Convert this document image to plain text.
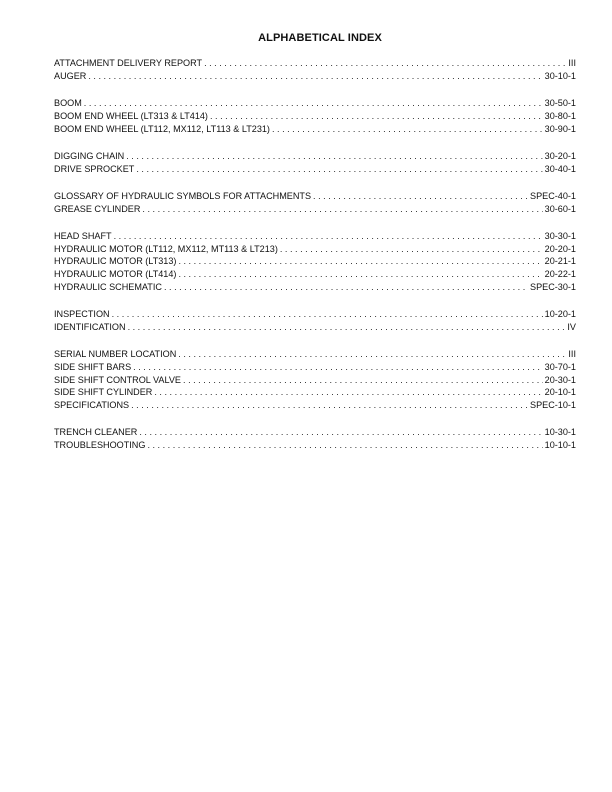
ALPHABETICAL INDEX
ATTACHMENT DELIVERY REPORT . . .	III
AUGER . . .	30-10-1
BOOM . . .	30-50-1
BOOM END WHEEL (LT313 & LT414) . . .	30-80-1
BOOM END WHEEL (LT112, MX112, LT113 & LT231) . . .	30-90-1
DIGGING CHAIN . . .	30-20-1
DRIVE SPROCKET . . .	30-40-1
GLOSSARY OF HYDRAULIC SYMBOLS FOR ATTACHMENTS . . .	SPEC-40-1
GREASE CYLINDER . . .	30-60-1
HEAD SHAFT . . .	30-30-1
HYDRAULIC MOTOR (LT112, MX112, MT113 & LT213) . . .	20-20-1
HYDRAULIC MOTOR (LT313) . . .	20-21-1
HYDRAULIC MOTOR (LT414) . . .	20-22-1
HYDRAULIC SCHEMATIC . . .	SPEC-30-1
INSPECTION . . .	10-20-1
IDENTIFICATION . . .	IV
SERIAL NUMBER LOCATION . . .	III
SIDE SHIFT BARS . . .	30-70-1
SIDE SHIFT CONTROL VALVE . . .	20-30-1
SIDE SHIFT CYLINDER . . .	20-10-1
SPECIFICATIONS . . .	SPEC-10-1
TRENCH CLEANER . . .	10-30-1
TROUBLESHOOTING . . .	10-10-1
